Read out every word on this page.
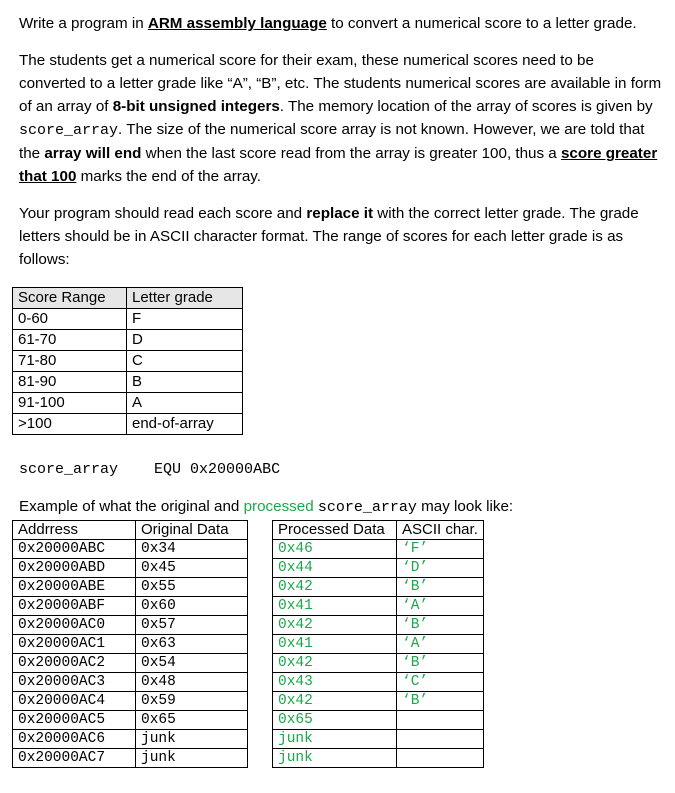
Write a program in ARM assembly language to convert a numerical score to a letter grade.

The students get a numerical score for their exam, these numerical scores need to be converted to a letter grade like “A”, “B”, etc. The students numerical scores are available in form of an array of 8-bit unsigned integers. The memory location of the array of scores is given by score_array. The size of the numerical score array is not known. However, we are told that the array will end when the last score read from the array is greater 100, thus a score greater that 100 marks the end of the array.

Your program should read each score and replace it with the correct letter grade. The grade letters should be in ASCII character format. The range of scores for each letter grade is as follows:

Score Range	Letter grade
0-60	F
61-70	D
71-80	C
81-90	B
91-100	A
>100	end-of-array
score_array EQU 0x20000ABC

Example of what the original and processed score_array may look like:

Addrress	Original Data
0x20000ABC	0x34
0x20000ABD	0x45
0x20000ABE	0x55
0x20000ABF	0x60
0x20000AC0	0x57
0x20000AC1	0x63
0x20000AC2	0x54
0x20000AC3	0x48
0x20000AC4	0x59
0x20000AC5	0x65
0x20000AC6	junk
0x20000AC7	junk
Processed Data	ASCII char.
0x46	‘F’
0x44	‘D’
0x42	‘B’
0x41	‘A’
0x42	‘B’
0x41	‘A’
0x42	‘B’
0x43	‘C’
0x42	‘B’
0x65	
junk	
junk	
